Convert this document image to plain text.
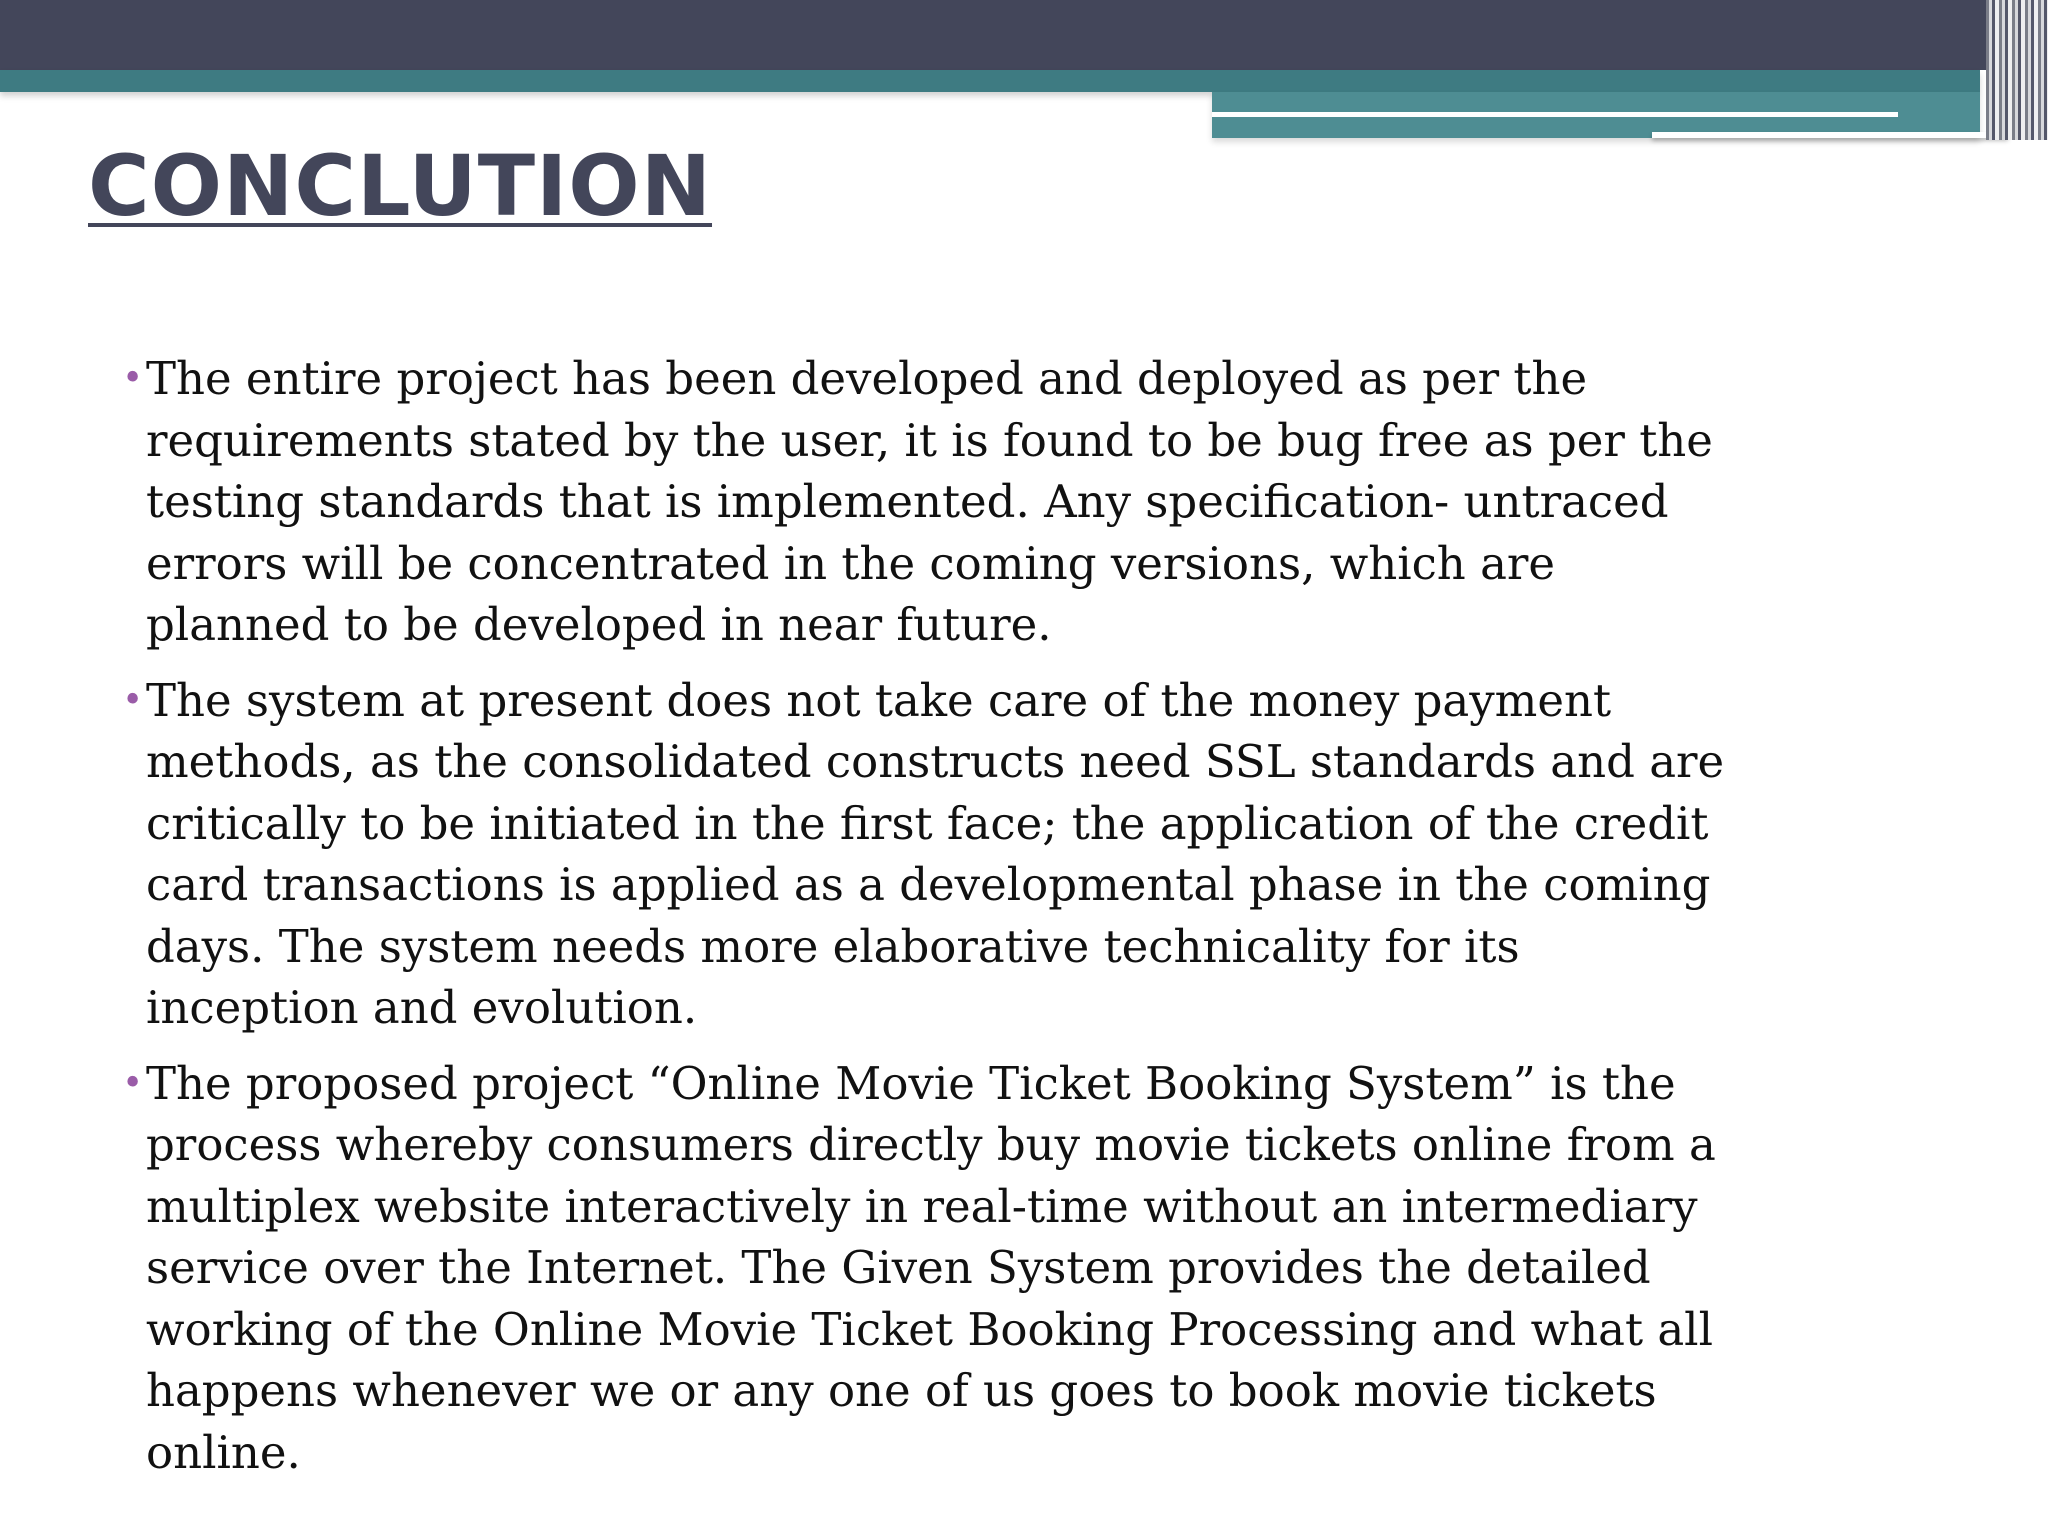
CONCLUTION
• The entire project has been developed and deployed as per the requirements stated by the user, it is found to be bug free as per the testing standards that is implemented. Any specification- untraced errors will be concentrated in the coming versions, which are planned to be developed in near future.
• The system at present does not take care of the money payment methods, as the consolidated constructs need SSL standards and are critically to be initiated in the first face; the application of the credit card transactions is applied as a developmental phase in the coming days. The system needs more elaborative technicality for its inception and evolution.
• The proposed project “Online Movie Ticket Booking System” is the process whereby consumers directly buy movie tickets online from a multiplex website interactively in real-time without an intermediary service over the Internet. The Given System provides the detailed working of the Online Movie Ticket Booking Processing and what all happens whenever we or any one of us goes to book movie tickets online.
